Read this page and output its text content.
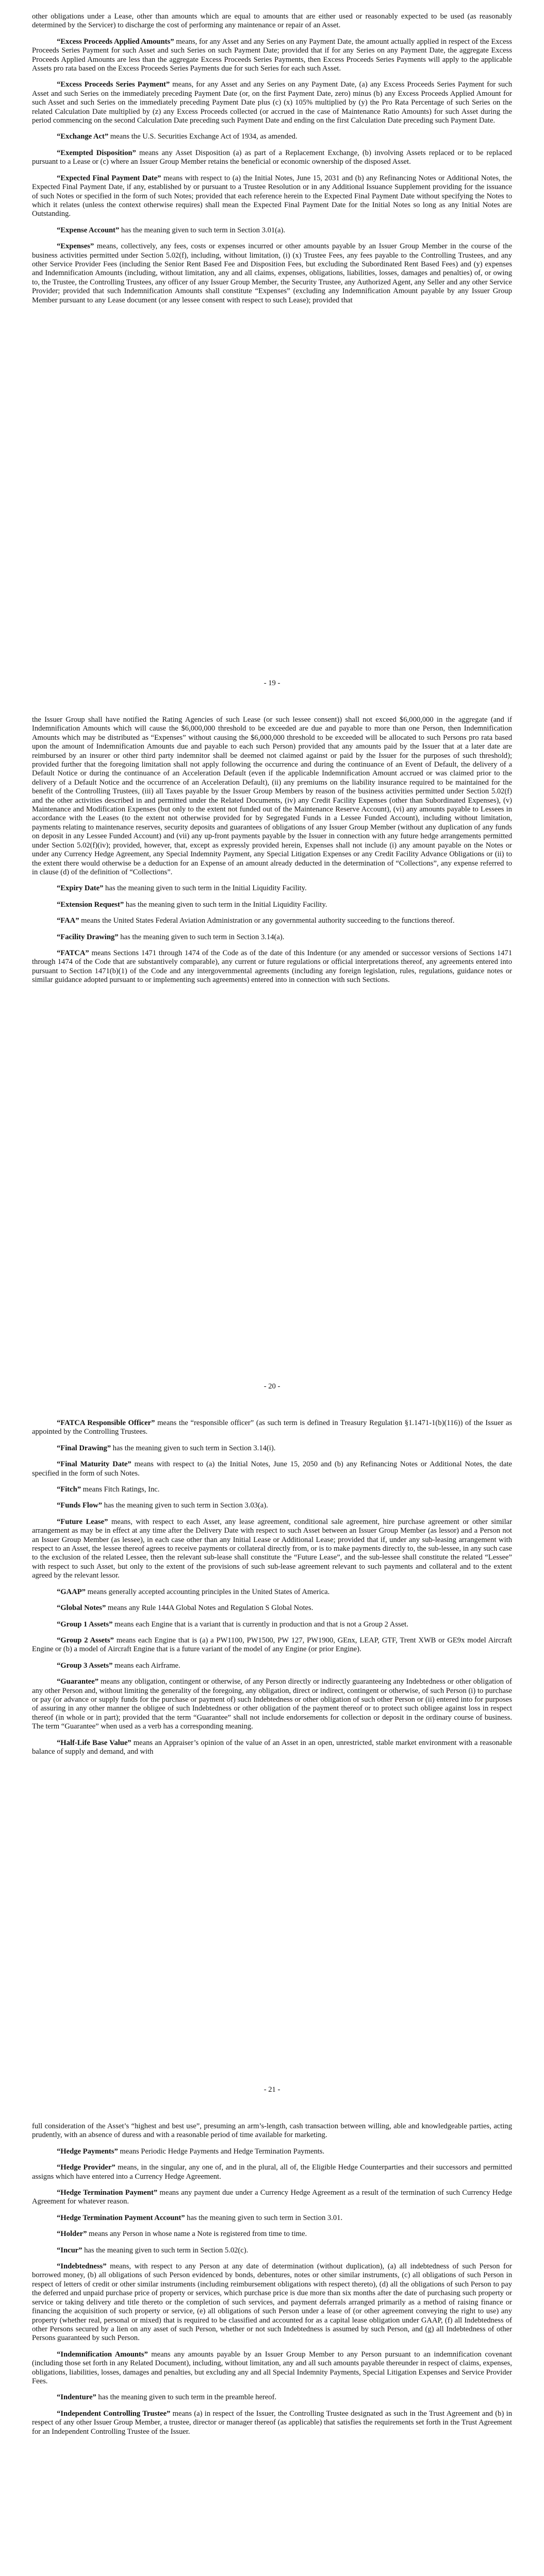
other obligations under a Lease, other than amounts which are equal to amounts that are either used or reasonably expected to be used (as reasonably determined by the Servicer) to discharge the cost of performing any maintenance or repair of an Asset.

“Excess Proceeds Applied Amounts” means, for any Asset and any Series on any Payment Date, the amount actually applied in respect of the Excess Proceeds Series Payment for such Asset and such Series on such Payment Date; provided that if for any Series on any Payment Date, the aggregate Excess Proceeds Applied Amounts are less than the aggregate Excess Proceeds Series Payments, then Excess Proceeds Series Payments will apply to the applicable Assets pro rata based on the Excess Proceeds Series Payments due for such Series for each such Asset.

“Excess Proceeds Series Payment” means, for any Asset and any Series on any Payment Date, (a) any Excess Proceeds Series Payment for such Asset and such Series on the immediately preceding Payment Date (or, on the first Payment Date, zero) minus (b) any Excess Proceeds Applied Amount for such Asset and such Series on the immediately preceding Payment Date plus (c) (x) 105% multiplied by (y) the Pro Rata Percentage of such Series on the related Calculation Date multiplied by (z) any Excess Proceeds collected (or accrued in the case of Maintenance Ratio Amounts) for such Asset during the period commencing on the second Calculation Date preceding such Payment Date and ending on the first Calculation Date preceding such Payment Date.

“Exchange Act” means the U.S. Securities Exchange Act of 1934, as amended.

“Exempted Disposition” means any Asset Disposition (a) as part of a Replacement Exchange, (b) involving Assets replaced or to be replaced pursuant to a Lease or (c) where an Issuer Group Member retains the beneficial or economic ownership of the disposed Asset.

“Expected Final Payment Date” means with respect to (a) the Initial Notes, June 15, 2031 and (b) any Refinancing Notes or Additional Notes, the Expected Final Payment Date, if any, established by or pursuant to a Trustee Resolution or in any Additional Issuance Supplement providing for the issuance of such Notes or specified in the form of such Notes; provided that each reference herein to the Expected Final Payment Date without specifying the Notes to which it relates (unless the context otherwise requires) shall mean the Expected Final Payment Date for the Initial Notes so long as any Initial Notes are Outstanding.

“Expense Account” has the meaning given to such term in Section 3.01(a).

“Expenses” means, collectively, any fees, costs or expenses incurred or other amounts payable by an Issuer Group Member in the course of the business activities permitted under Section 5.02(f), including, without limitation, (i) (x) Trustee Fees, any fees payable to the Controlling Trustees, and any other Service Provider Fees (including the Senior Rent Based Fee and Disposition Fees, but excluding the Subordinated Rent Based Fees) and (y) expenses and Indemnification Amounts (including, without limitation, any and all claims, expenses, obligations, liabilities, losses, damages and penalties) of, or owing to, the Trustee, the Controlling Trustees, any officer of any Issuer Group Member, the Security Trustee, any Authorized Agent, any Seller and any other Service Provider; provided that such Indemnification Amounts shall constitute “Expenses” (excluding any Indemnification Amount payable by any Issuer Group Member pursuant to any Lease document (or any lessee consent with respect to such Lease); provided that

- 19 -

the Issuer Group shall have notified the Rating Agencies of such Lease (or such lessee consent)) shall not exceed $6,000,000 in the aggregate (and if Indemnification Amounts which will cause the $6,000,000 threshold to be exceeded are due and payable to more than one Person, then Indemnification Amounts which may be distributed as “Expenses” without causing the $6,000,000 threshold to be exceeded will be allocated to such Persons pro rata based upon the amount of Indemnification Amounts due and payable to each such Person) provided that any amounts paid by the Issuer that at a later date are reimbursed by an insurer or other third party indemnitor shall be deemed not claimed against or paid by the Issuer for the purposes of such threshold); provided further that the foregoing limitation shall not apply following the occurrence and during the continuance of an Event of Default, the delivery of a Default Notice or during the continuance of an Acceleration Default (even if the applicable Indemnification Amount accrued or was claimed prior to the delivery of a Default Notice and the occurrence of an Acceleration Default), (ii) any premiums on the liability insurance required to be maintained for the benefit of the Controlling Trustees, (iii) all Taxes payable by the Issuer Group Members by reason of the business activities permitted under Section 5.02(f) and the other activities described in and permitted under the Related Documents, (iv) any Credit Facility Expenses (other than Subordinated Expenses), (v) Maintenance and Modification Expenses (but only to the extent not funded out of the Maintenance Reserve Account), (vi) any amounts payable to Lessees in accordance with the Leases (to the extent not otherwise provided for by Segregated Funds in a Lessee Funded Account), including without limitation, payments relating to maintenance reserves, security deposits and guarantees of obligations of any Issuer Group Member (without any duplication of any funds on deposit in any Lessee Funded Account) and (vii) any up-front payments payable by the Issuer in connection with any future hedge arrangements permitted under Section 5.02(f)(iv); provided, however, that, except as expressly provided herein, Expenses shall not include (i) any amount payable on the Notes or under any Currency Hedge Agreement, any Special Indemnity Payment, any Special Litigation Expenses or any Credit Facility Advance Obligations or (ii) to the extent there would otherwise be a deduction for an Expense of an amount already deducted in the determination of “Collections”, any expense referred to in clause (d) of the definition of “Collections”.

“Expiry Date” has the meaning given to such term in the Initial Liquidity Facility.

“Extension Request” has the meaning given to such term in the Initial Liquidity Facility.

“FAA” means the United States Federal Aviation Administration or any governmental authority succeeding to the functions thereof.

“Facility Drawing” has the meaning given to such term in Section 3.14(a).

“FATCA” means Sections 1471 through 1474 of the Code as of the date of this Indenture (or any amended or successor versions of Sections 1471 through 1474 of the Code that are substantively comparable), any current or future regulations or official interpretations thereof, any agreements entered into pursuant to Section 1471(b)(1) of the Code and any intergovernmental agreements (including any foreign legislation, rules, regulations, guidance notes or similar guidance adopted pursuant to or implementing such agreements) entered into in connection with such Sections.

- 20 -

“FATCA Responsible Officer” means the “responsible officer” (as such term is defined in Treasury Regulation §1.1471-1(b)(116)) of the Issuer as appointed by the Controlling Trustees.

“Final Drawing” has the meaning given to such term in Section 3.14(i).

“Final Maturity Date” means with respect to (a) the Initial Notes, June 15, 2050 and (b) any Refinancing Notes or Additional Notes, the date specified in the form of such Notes.

“Fitch” means Fitch Ratings, Inc.

“Funds Flow” has the meaning given to such term in Section 3.03(a).

“Future Lease” means, with respect to each Asset, any lease agreement, conditional sale agreement, hire purchase agreement or other similar arrangement as may be in effect at any time after the Delivery Date with respect to such Asset between an Issuer Group Member (as lessor) and a Person not an Issuer Group Member (as lessee), in each case other than any Initial Lease or Additional Lease; provided that if, under any sub-leasing arrangement with respect to an Asset, the lessee thereof agrees to receive payments or collateral directly from, or is to make payments directly to, the sub-lessee, in any such case to the exclusion of the related Lessee, then the relevant sub-lease shall constitute the “Future Lease”, and the sub-lessee shall constitute the related “Lessee” with respect to such Asset, but only to the extent of the provisions of such sub-lease agreement relevant to such payments and collateral and to the extent agreed by the relevant lessor.

“GAAP” means generally accepted accounting principles in the United States of America.

“Global Notes” means any Rule 144A Global Notes and Regulation S Global Notes.

“Group 1 Assets” means each Engine that is a variant that is currently in production and that is not a Group 2 Asset.

“Group 2 Assets” means each Engine that is (a) a PW1100, PW1500, PW 127, PW1900, GEnx, LEAP, GTF, Trent XWB or GE9x model Aircraft Engine or (b) a model of Aircraft Engine that is a future variant of the model of any Engine (or prior Engine).

“Group 3 Assets” means each Airframe.

“Guarantee” means any obligation, contingent or otherwise, of any Person directly or indirectly guaranteeing any Indebtedness or other obligation of any other Person and, without limiting the generality of the foregoing, any obligation, direct or indirect, contingent or otherwise, of such Person (i) to purchase or pay (or advance or supply funds for the purchase or payment of) such Indebtedness or other obligation of such other Person or (ii) entered into for purposes of assuring in any other manner the obligee of such Indebtedness or other obligation of the payment thereof or to protect such obligee against loss in respect thereof (in whole or in part); provided that the term “Guarantee” shall not include endorsements for collection or deposit in the ordinary course of business. The term “Guarantee” when used as a verb has a corresponding meaning.

“Half-Life Base Value” means an Appraiser’s opinion of the value of an Asset in an open, unrestricted, stable market environment with a reasonable balance of supply and demand, and with

- 21 -

full consideration of the Asset’s “highest and best use”, presuming an arm’s-length, cash transaction between willing, able and knowledgeable parties, acting prudently, with an absence of duress and with a reasonable period of time available for marketing.

“Hedge Payments” means Periodic Hedge Payments and Hedge Termination Payments.

“Hedge Provider” means, in the singular, any one of, and in the plural, all of, the Eligible Hedge Counterparties and their successors and permitted assigns which have entered into a Currency Hedge Agreement.

“Hedge Termination Payment” means any payment due under a Currency Hedge Agreement as a result of the termination of such Currency Hedge Agreement for whatever reason.

“Hedge Termination Payment Account” has the meaning given to such term in Section 3.01.

“Holder” means any Person in whose name a Note is registered from time to time.

“Incur” has the meaning given to such term in Section 5.02(c).

“Indebtedness” means, with respect to any Person at any date of determination (without duplication), (a) all indebtedness of such Person for borrowed money, (b) all obligations of such Person evidenced by bonds, debentures, notes or other similar instruments, (c) all obligations of such Person in respect of letters of credit or other similar instruments (including reimbursement obligations with respect thereto), (d) all the obligations of such Person to pay the deferred and unpaid purchase price of property or services, which purchase price is due more than six months after the date of purchasing such property or service or taking delivery and title thereto or the completion of such services, and payment deferrals arranged primarily as a method of raising finance or financing the acquisition of such property or service, (e) all obligations of such Person under a lease of (or other agreement conveying the right to use) any property (whether real, personal or mixed) that is required to be classified and accounted for as a capital lease obligation under GAAP, (f) all Indebtedness of other Persons secured by a lien on any asset of such Person, whether or not such Indebtedness is assumed by such Person, and (g) all Indebtedness of other Persons guaranteed by such Person.

“Indemnification Amounts” means any amounts payable by an Issuer Group Member to any Person pursuant to an indemnification covenant (including those set forth in any Related Document), including, without limitation, any and all such amounts payable thereunder in respect of claims, expenses, obligations, liabilities, losses, damages and penalties, but excluding any and all Special Indemnity Payments, Special Litigation Expenses and Service Provider Fees.

“Indenture” has the meaning given to such term in the preamble hereof.

“Independent Controlling Trustee” means (a) in respect of the Issuer, the Controlling Trustee designated as such in the Trust Agreement and (b) in respect of any other Issuer Group Member, a trustee, director or manager thereof (as applicable) that satisfies the requirements set forth in the Trust Agreement for an Independent Controlling Trustee of the Issuer.
